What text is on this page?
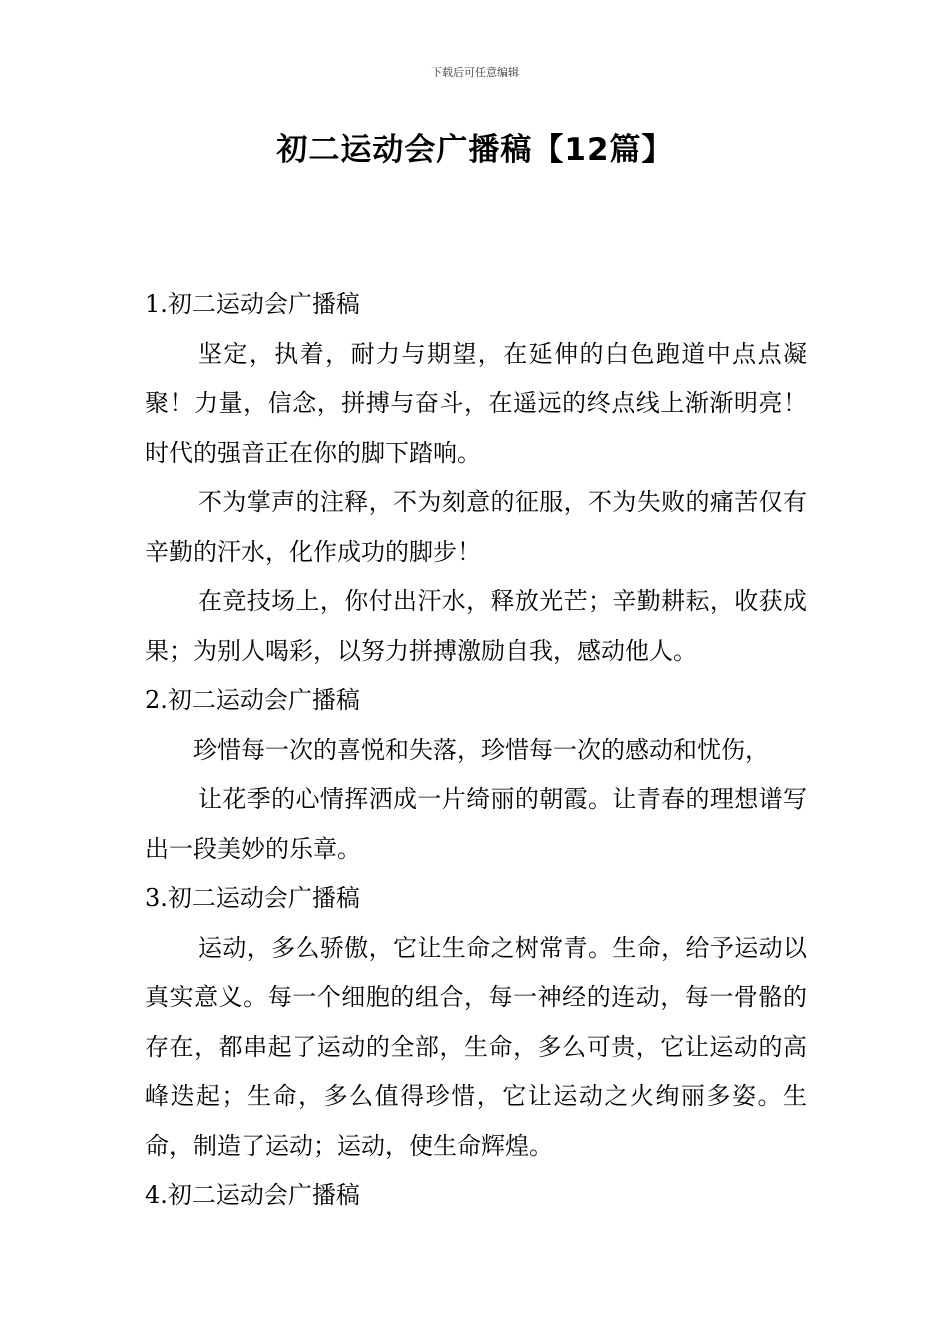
下载后可任意编辑
初二运动会广播稿【12篇】

1.初二运动会广播稿

坚定，执着，耐力与期望，在延伸的白色跑道中点点凝聚！力量，信念，拼搏与奋斗，在遥远的终点线上渐渐明亮！时代的强音正在你的脚下踏响。

不为掌声的注释，不为刻意的征服，不为失败的痛苦仅有辛勤的汗水，化作成功的脚步！

在竞技场上，你付出汗水，释放光芒；辛勤耕耘，收获成果；为别人喝彩，以努力拼搏激励自我，感动他人。

2.初二运动会广播稿

珍惜每一次的喜悦和失落，珍惜每一次的感动和忧伤，

让花季的心情挥洒成一片绮丽的朝霞。让青春的理想谱写出一段美妙的乐章。

3.初二运动会广播稿

运动，多么骄傲，它让生命之树常青。生命，给予运动以真实意义。每一个细胞的组合，每一神经的连动，每一骨骼的存在，都串起了运动的全部，生命，多么可贵，它让运动的高峰迭起；生命，多么值得珍惜，它让运动之火绚丽多姿。生命，制造了运动；运动，使生命辉煌。

4.初二运动会广播稿
